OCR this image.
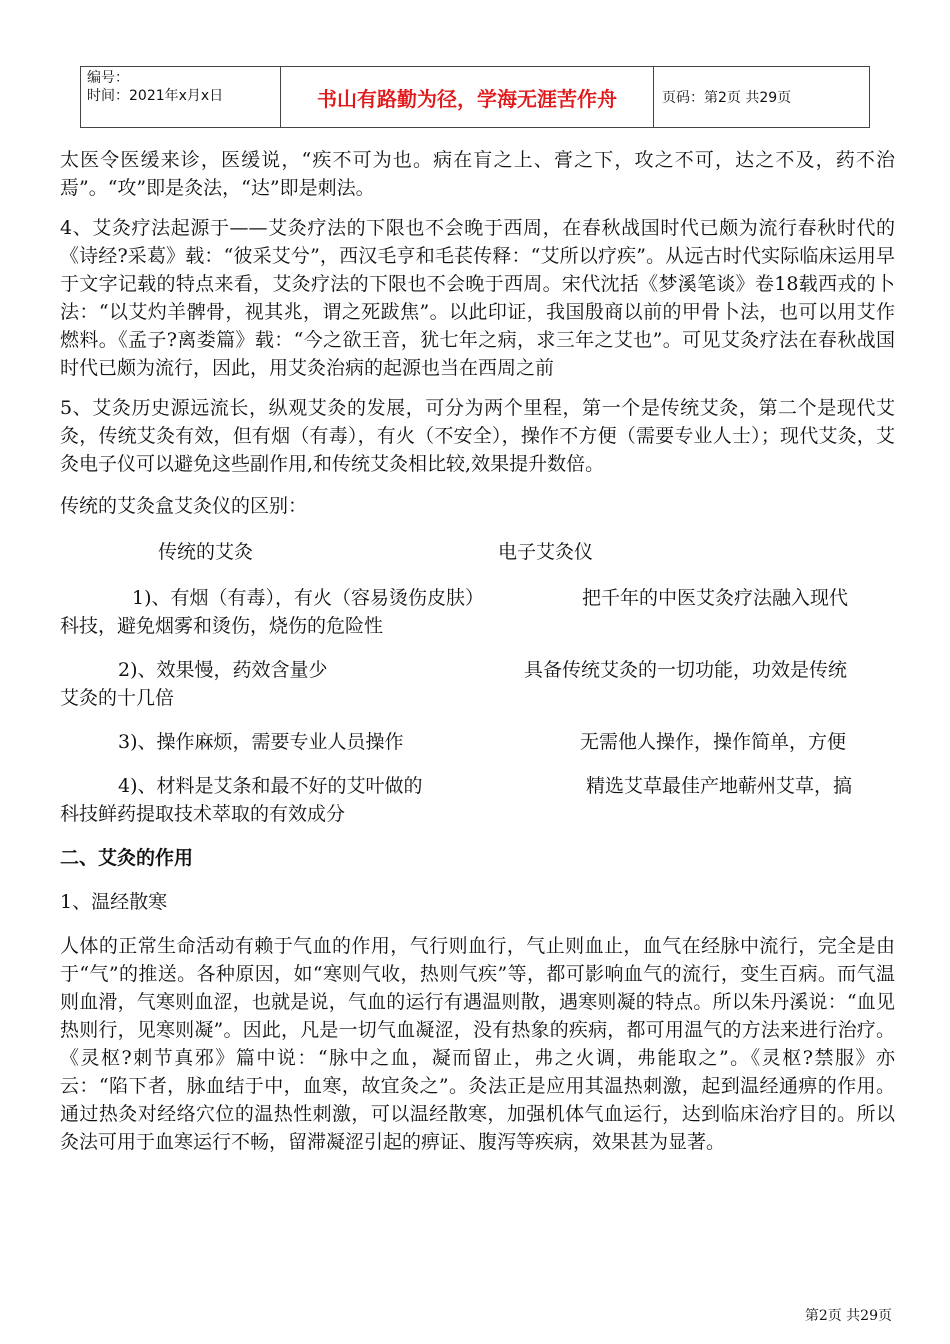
编号：
时间：2021年x月x日	书山有路勤为径，学海无涯苦作舟	页码：第2页 共29页

太医令医缓来诊，医缓说，“疾不可为也。病在肓之上、膏之下，攻之不可，达之不及，药不治焉”。“攻”即是灸法，“达”即是刺法。

4、艾灸疗法起源于——艾灸疗法的下限也不会晚于西周，在春秋战国时代已颇为流行春秋时代的《诗经?采葛》载：“彼采艾兮”，西汉毛亨和毛苌传释：“艾所以疗疾”。从远古时代实际临床运用早于文字记载的特点来看，艾灸疗法的下限也不会晚于西周。宋代沈括《梦溪笔谈》卷18载西戎的卜法：“以艾灼羊髀骨，视其兆，谓之死跋焦”。以此印证，我国殷商以前的甲骨卜法，也可以用艾作燃料。《孟子?离娄篇》载：“今之欲王音，犹七年之病，求三年之艾也”。可见艾灸疗法在春秋战国时代已颇为流行，因此，用艾灸治病的起源也当在西周之前

5、艾灸历史源远流长，纵观艾灸的发展，可分为两个里程，第一个是传统艾灸，第二个是现代艾灸，传统艾灸有效，但有烟（有毒），有火（不安全），操作不方便（需要专业人士）；现代艾灸，艾灸电子仪可以避免这些副作用,和传统艾灸相比较,效果提升数倍。

传统的艾灸盒艾灸仪的区别：

传统的艾灸	电子艾灸仪
1)、有烟（有毒），有火（容易烫伤皮肤）	把千年的中医艾灸疗法融入现代
科技，避免烟雾和烫伤，烧伤的危险性
2)、效果慢，药效含量少	具备传统艾灸的一切功能，功效是传统
艾灸的十几倍
3)、操作麻烦，需要专业人员操作	无需他人操作，操作简单，方便
4)、材料是艾条和最不好的艾叶做的	精选艾草最佳产地蕲州艾草，搞
科技鲜药提取技术萃取的有效成分
二、艾灸的作用
1、温经散寒

人体的正常生命活动有赖于气血的作用，气行则血行，气止则血止，血气在经脉中流行，完全是由于“气”的推送。各种原因，如“寒则气收，热则气疾”等，都可影响血气的流行，变生百病。而气温则血滑，气寒则血涩，也就是说，气血的运行有遇温则散，遇寒则凝的特点。所以朱丹溪说：“血见热则行，见寒则凝”。因此，凡是一切气血凝涩，没有热象的疾病，都可用温气的方法来进行治疗。《灵枢?刺节真邪》篇中说：“脉中之血，凝而留止，弗之火调，弗能取之”。《灵枢?禁服》亦云：“陷下者，脉血结于中，血寒，故宜灸之”。灸法正是应用其温热刺激，起到温经通痹的作用。通过热灸对经络穴位的温热性刺激，可以温经散寒，加强机体气血运行，达到临床治疗目的。所以灸法可用于血寒运行不畅，留滞凝涩引起的痹证、腹泻等疾病，效果甚为显著。

第2页 共29页
